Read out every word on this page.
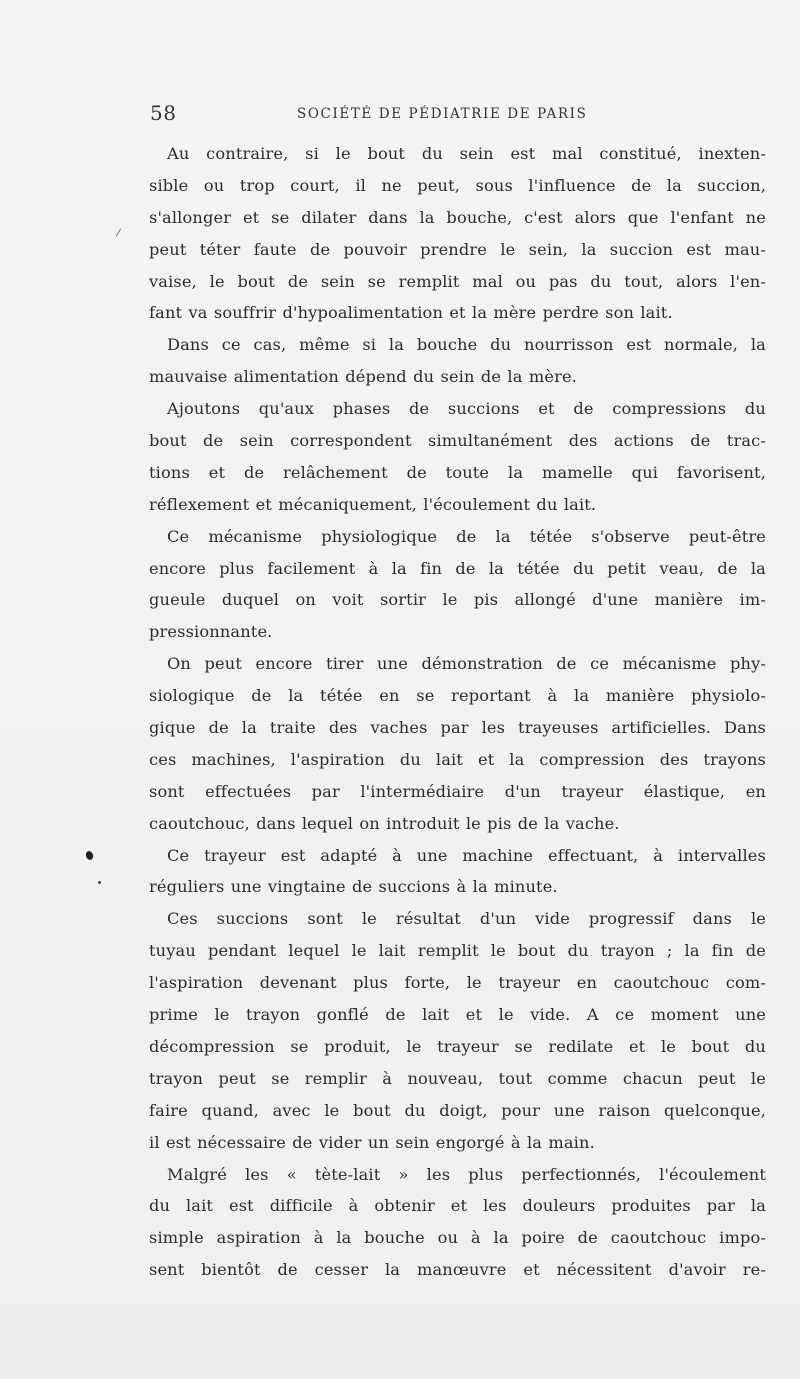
58	SOCIÉTÉ DE PÉDIATRIE DE PARIS
Au contraire, si le bout du sein est mal constitué, inexten-
sible ou trop court, il ne peut, sous l'influence de la succion,
s'allonger et se dilater dans la bouche, c'est alors que l'enfant ne
peut téter faute de pouvoir prendre le sein, la succion est mau-
vaise, le bout de sein se remplit mal ou pas du tout, alors l'en-
fant va souffrir d'hypoalimentation et la mère perdre son lait.
Dans ce cas, même si la bouche du nourrisson est normale, la
mauvaise alimentation dépend du sein de la mère.
Ajoutons qu'aux phases de succions et de compressions du
bout de sein correspondent simultanément des actions de trac-
tions et de relâchement de toute la mamelle qui favorisent,
réflexement et mécaniquement, l'écoulement du lait.
Ce mécanisme physiologique de la tétée s'observe peut-être
encore plus facilement à la fin de la tétée du petit veau, de la
gueule duquel on voit sortir le pis allongé d'une manière im-
pressionnante.
On peut encore tirer une démonstration de ce mécanisme phy-
siologique de la tétée en se reportant à la manière physiolo-
gique de la traite des vaches par les trayeuses artificielles. Dans
ces machines, l'aspiration du lait et la compression des trayons
sont effectuées par l'intermédiaire d'un trayeur élastique, en
caoutchouc, dans lequel on introduit le pis de la vache.
Ce trayeur est adapté à une machine effectuant, à intervalles
réguliers une vingtaine de succions à la minute.
Ces succions sont le résultat d'un vide progressif dans le
tuyau pendant lequel le lait remplit le bout du trayon ; la fin de
l'aspiration devenant plus forte, le trayeur en caoutchouc com-
prime le trayon gonflé de lait et le vide. A ce moment une
décompression se produit, le trayeur se redilate et le bout du
trayon peut se remplir à nouveau, tout comme chacun peut le
faire quand, avec le bout du doigt, pour une raison quelconque,
il est nécessaire de vider un sein engorgé à la main.
Malgré les « tète-lait » les plus perfectionnés, l'écoulement
du lait est difficile à obtenir et les douleurs produites par la
simple aspiration à la bouche ou à la poire de caoutchouc impo-
sent bientôt de cesser la manœuvre et nécessitent d'avoir re-
